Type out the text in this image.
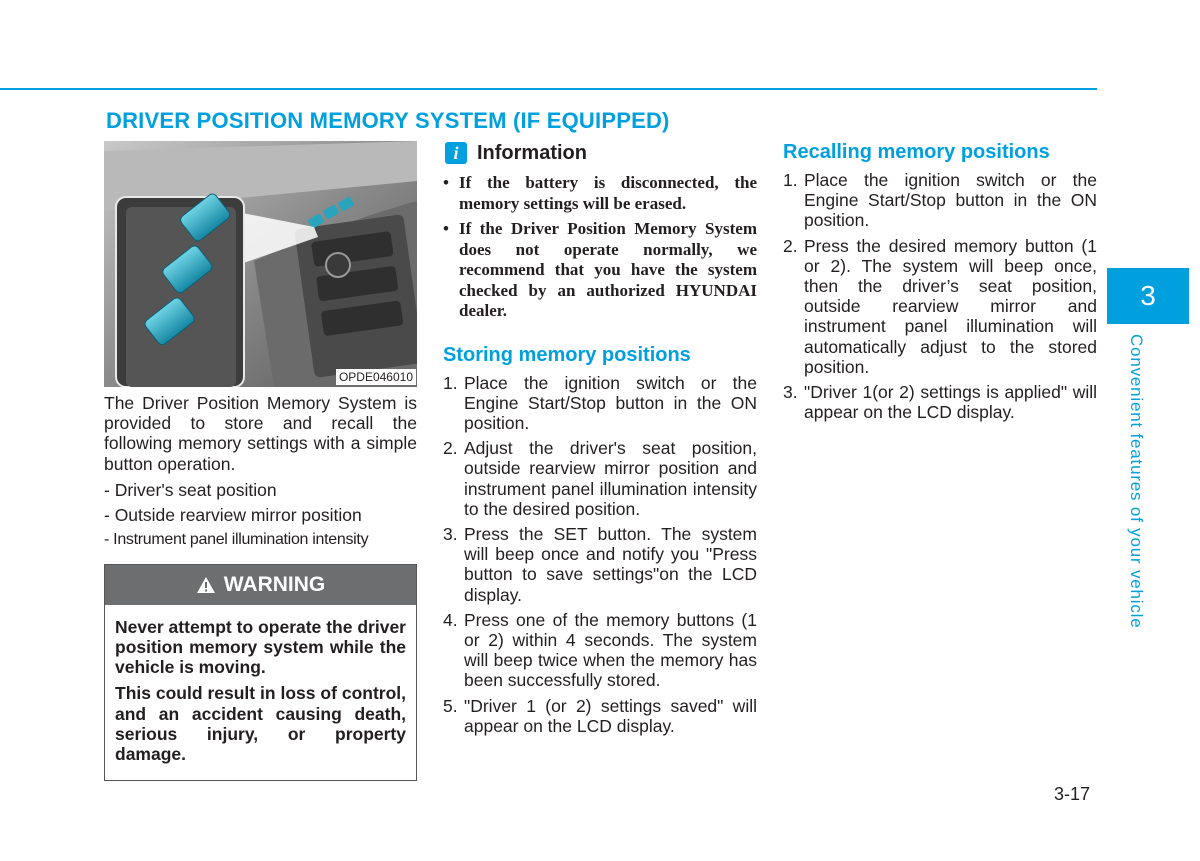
DRIVER POSITION MEMORY SYSTEM (IF EQUIPPED)
OPDE046010
The Driver Position Memory System is provided to store and recall the following memory settings with a simple button operation.
- Driver's seat position
- Outside rearview mirror position
- Instrument panel illumination intensity
WARNING

Never attempt to operate the driver position memory system while the vehicle is moving.

This could result in loss of control, and an accident causing death, serious injury, or property damage.

i Information
• If the battery is disconnected, the memory settings will be erased.
• If the Driver Position Memory System does not operate normally, we recommend that you have the system checked by an authorized HYUNDAI dealer.
Storing memory positions
1. Place the ignition switch or the Engine Start/Stop button in the ON position.
2. Adjust the driver's seat position, outside rearview mirror position and instrument panel illumination intensity to the desired position.
3. Press the SET button. The system will beep once and notify you "Press button to save settings"on the LCD display.
4. Press one of the memory buttons (1 or 2) within 4 seconds. The system will beep twice when the memory has been successfully stored.
5. "Driver 1 (or 2) settings saved" will appear on the LCD display.
Recalling memory positions
1. Place the ignition switch or the Engine Start/Stop button in the ON position.
2. Press the desired memory button (1 or 2). The system will beep once, then the driver’s seat position, outside rearview mirror and instrument panel illumination will automatically adjust to the stored position.
3. "Driver 1(or 2) settings is applied" will appear on the LCD display.
3
Convenient features of your vehicle
3-17
